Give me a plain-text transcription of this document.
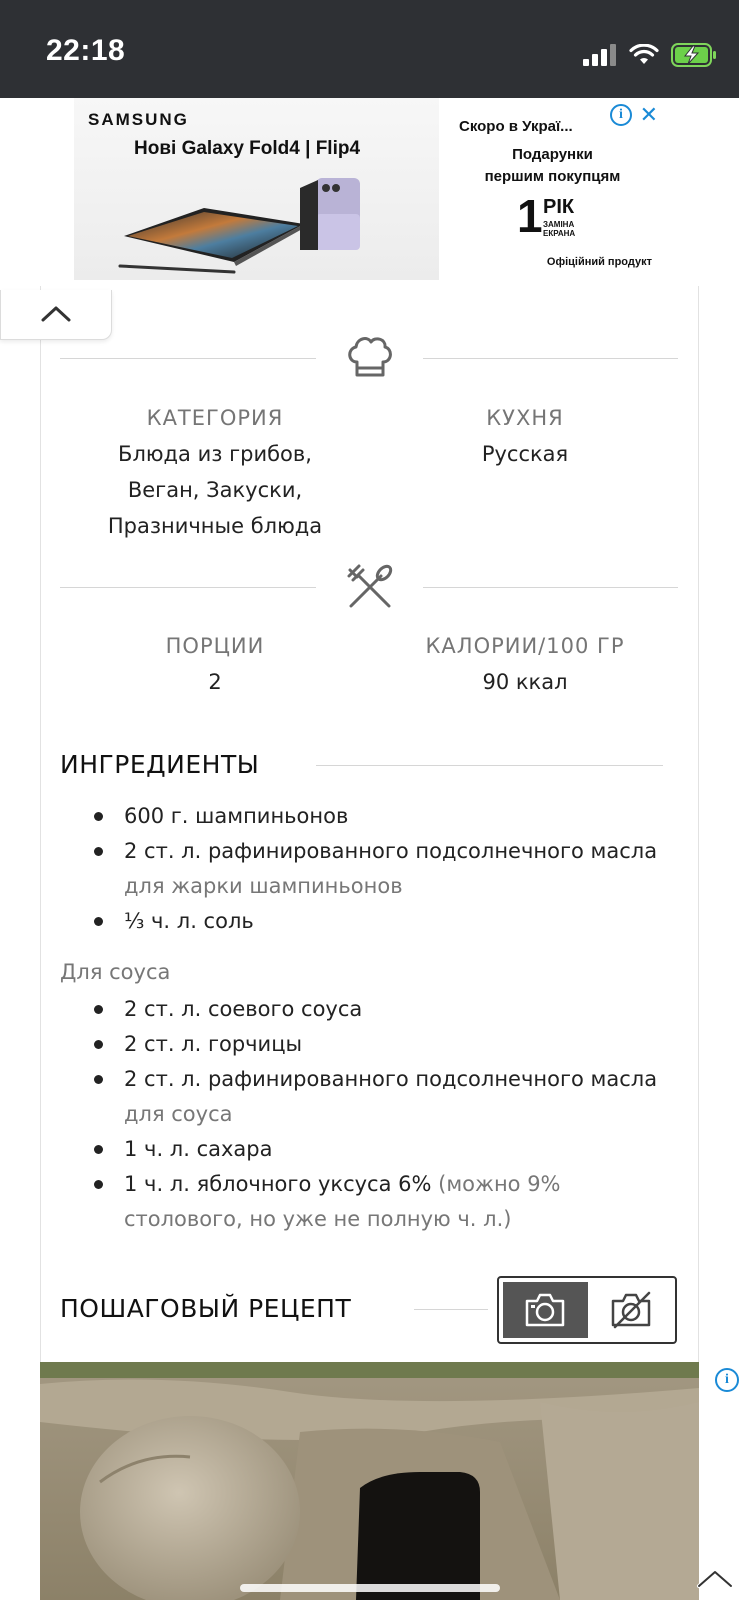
22:18
SAMSUNG
Нові Galaxy Fold4 | Flip4
Скоро в Украї...
Подарунки
першим покупцям
1 РІК
ЗАМІНА ЕКРАНА
Офіційний продукт
i ✕
КАТЕГОРИЯ
Блюда из грибов,
Веган, Закуски,
Празничные блюда
КУХНЯ
Русская
ПОРЦИИ
2
КАЛОРИИ/100 ГР
90 ккал
ИНГРЕДИЕНТЫ
600 г. шампиньонов
2 ст. л. рафинированного подсолнечного масла для жарки шампиньонов
⅓ ч. л. соль
Для соуса
2 ст. л. соевого соуса
2 ст. л. горчицы
2 ст. л. рафинированного подсолнечного масла для соуса
1 ч. л. сахара
1 ч. л. яблочного уксуса 6% (можно 9% столового, но уже не полную ч. л.)
ПОШАГОВЫЙ РЕЦЕПТ
i
